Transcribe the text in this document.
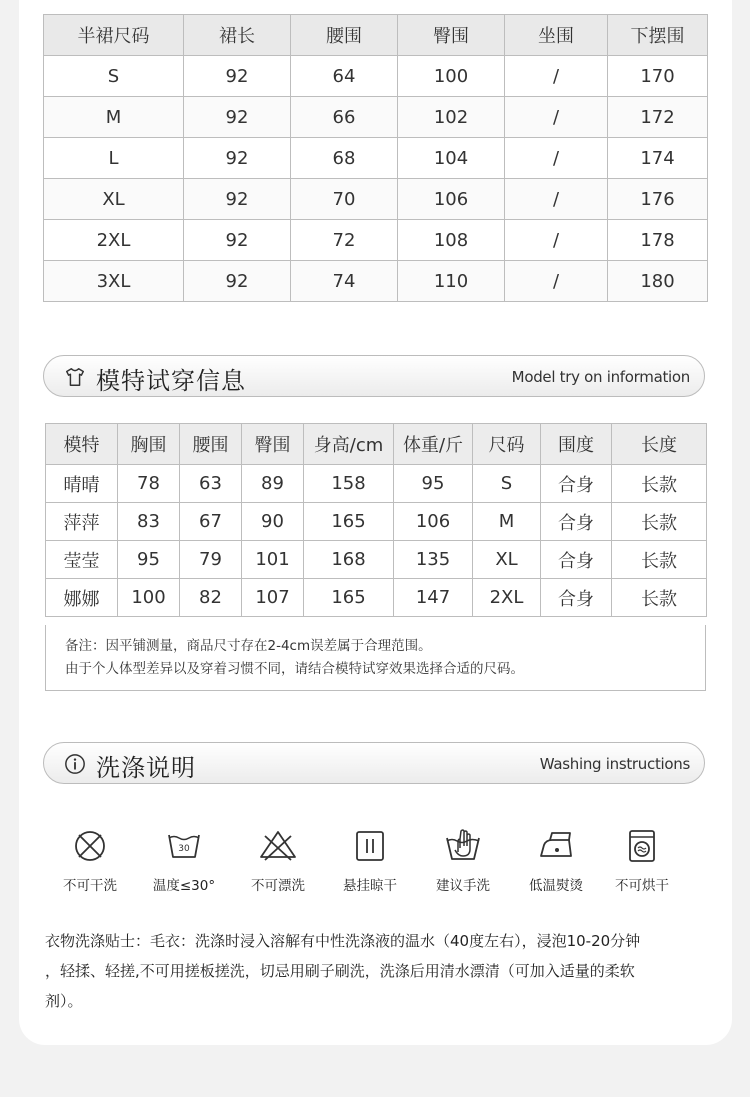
半裙尺码	裙长	腰围	臀围	坐围	下摆围
S	92	64	100	/	170
M	92	66	102	/	172
L	92	68	104	/	174
XL	92	70	106	/	176
2XL	92	72	108	/	178
3XL	92	74	110	/	180
模特试穿信息	Model try on information
模特	胸围	腰围	臀围	身高/cm	体重/斤	尺码	围度	长度
晴晴	78	63	89	158	95	S	合身	长款
萍萍	83	67	90	165	106	M	合身	长款
莹莹	95	79	101	168	135	XL	合身	长款
娜娜	100	82	107	165	147	2XL	合身	长款
备注：因平铺测量，商品尺寸存在2-4cm误差属于合理范围。
由于个人体型差异以及穿着习惯不同，请结合模特试穿效果选择合适的尺码。
洗涤说明	Washing instructions
不可干洗
30
温度≤30°	不可漂洗	悬挂晾干	建议手洗	低温熨烫	不可烘干
衣物洗涤贴士：毛衣：洗涤时浸入溶解有中性洗涤液的温水（40度左右），浸泡10-20分钟
，轻揉、轻搓,不可用搓板搓洗，切忌用刷子刷洗，洗涤后用清水漂清（可加入适量的柔软
剂）。
